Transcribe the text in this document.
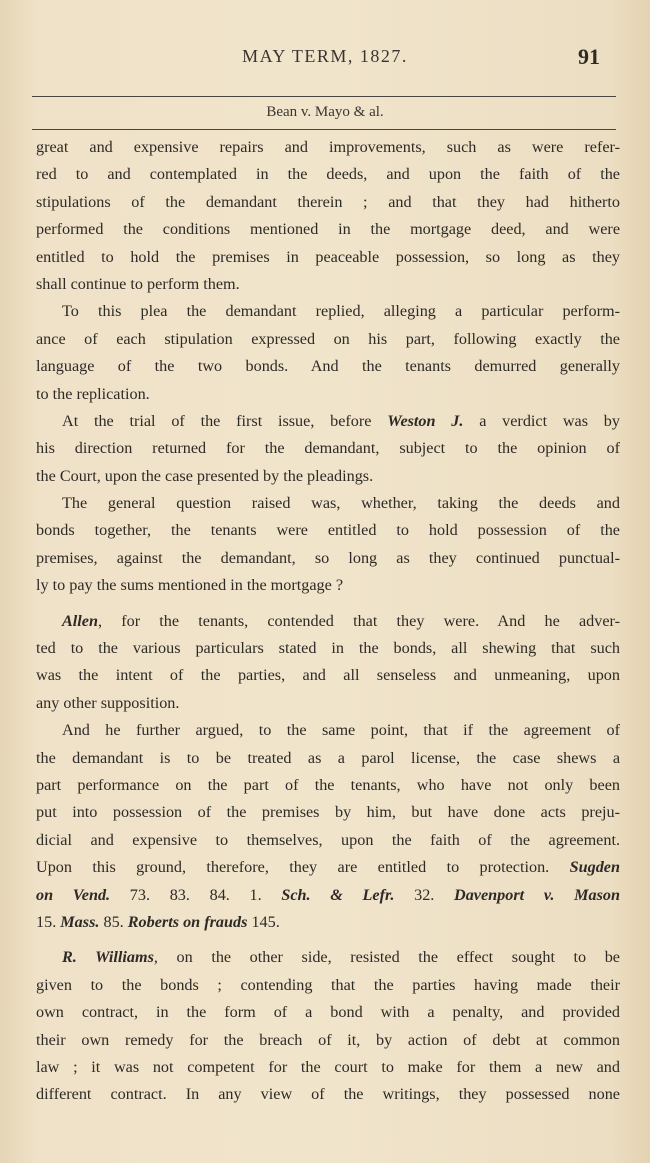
MAY TERM, 1827.	91
Bean v. Mayo & al.
great and expensive repairs and improvements, such as were refer-
red to and contemplated in the deeds, and upon the faith of the
stipulations of the demandant therein ; and that they had hitherto
performed the conditions mentioned in the mortgage deed, and were
entitled to hold the premises in peaceable possession, so long as they
shall continue to perform them.
To this plea the demandant replied, alleging a particular perform-
ance of each stipulation expressed on his part, following exactly the
language of the two bonds. And the tenants demurred generally
to the replication.
At the trial of the first issue, before Weston J. a verdict was by
his direction returned for the demandant, subject to the opinion of
the Court, upon the case presented by the pleadings.
The general question raised was, whether, taking the deeds and
bonds together, the tenants were entitled to hold possession of the
premises, against the demandant, so long as they continued punctual-
ly to pay the sums mentioned in the mortgage ?
Allen, for the tenants, contended that they were. And he adver-
ted to the various particulars stated in the bonds, all shewing that such
was the intent of the parties, and all senseless and unmeaning, upon
any other supposition.
And he further argued, to the same point, that if the agreement of
the demandant is to be treated as a parol license, the case shews a
part performance on the part of the tenants, who have not only been
put into possession of the premises by him, but have done acts preju-
dicial and expensive to themselves, upon the faith of the agreement.
Upon this ground, therefore, they are entitled to protection. Sugden
on Vend. 73. 83. 84. 1. Sch. & Lefr. 32. Davenport v. Mason
15. Mass. 85. Roberts on frauds 145.
R. Williams, on the other side, resisted the effect sought to be
given to the bonds ; contending that the parties having made their
own contract, in the form of a bond with a penalty, and provided
their own remedy for the breach of it, by action of debt at common
law ; it was not competent for the court to make for them a new and
different contract. In any view of the writings, they possessed none
